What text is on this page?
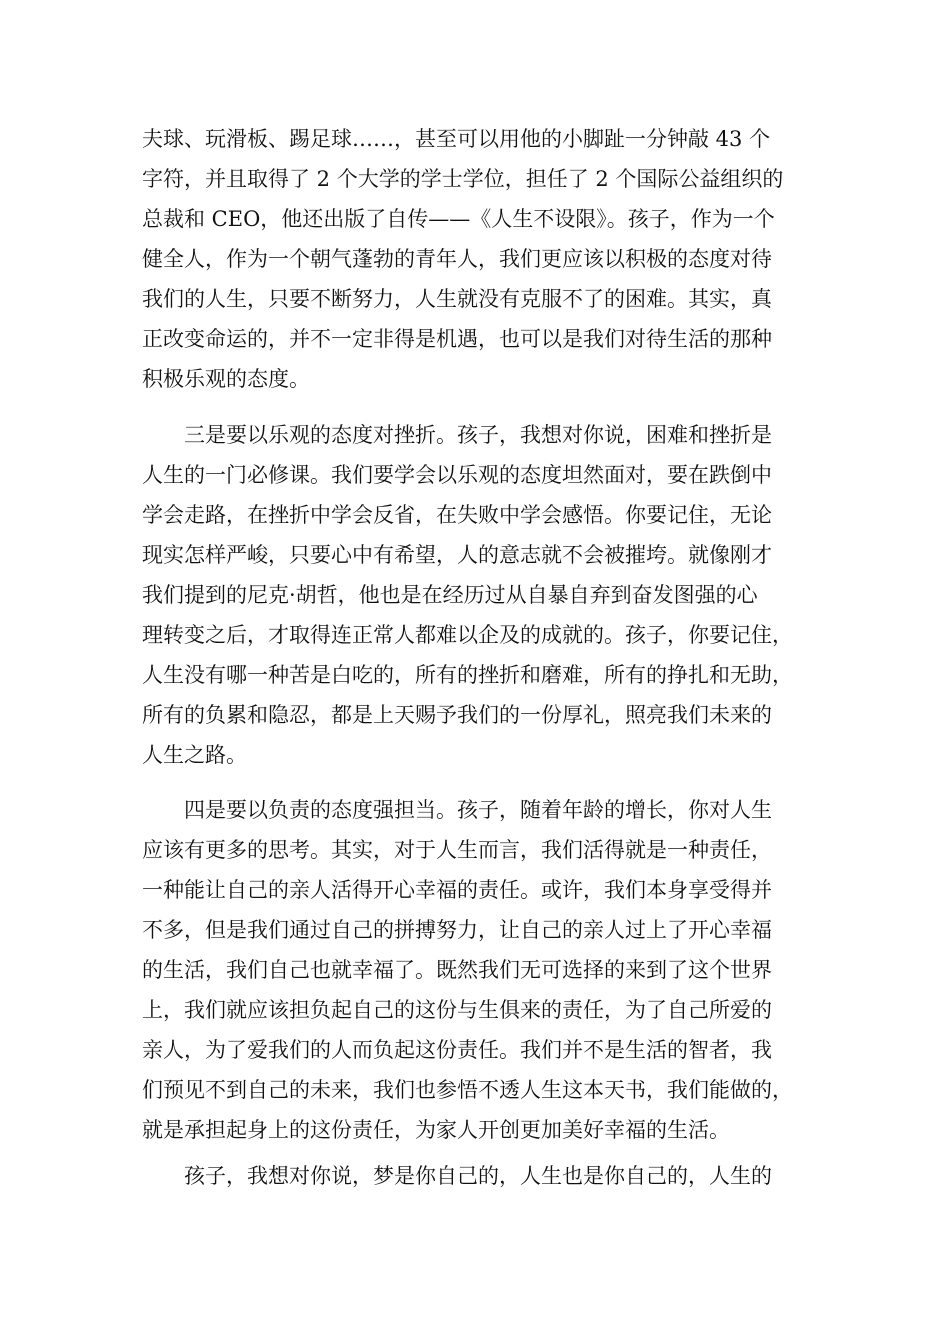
夫球、玩滑板、踢足球……，甚至可以用他的小脚趾一分钟敲 43 个
字符，并且取得了 2 个大学的学士学位，担任了 2 个国际公益组织的
总裁和 CEO，他还出版了自传——《人生不设限》。孩子，作为一个
健全人，作为一个朝气蓬勃的青年人，我们更应该以积极的态度对待
我们的人生，只要不断努力，人生就没有克服不了的困难。其实，真
正改变命运的，并不一定非得是机遇，也可以是我们对待生活的那种
积极乐观的态度。
三是要以乐观的态度对挫折。孩子，我想对你说，困难和挫折是
人生的一门必修课。我们要学会以乐观的态度坦然面对，要在跌倒中
学会走路，在挫折中学会反省，在失败中学会感悟。你要记住，无论
现实怎样严峻，只要心中有希望，人的意志就不会被摧垮。就像刚才
我们提到的尼克·胡哲，他也是在经历过从自暴自弃到奋发图强的心
理转变之后，才取得连正常人都难以企及的成就的。孩子，你要记住，
人生没有哪一种苦是白吃的，所有的挫折和磨难，所有的挣扎和无助，
所有的负累和隐忍，都是上天赐予我们的一份厚礼，照亮我们未来的
人生之路。
四是要以负责的态度强担当。孩子，随着年龄的增长，你对人生
应该有更多的思考。其实，对于人生而言，我们活得就是一种责任，
一种能让自己的亲人活得开心幸福的责任。或许，我们本身享受得并
不多，但是我们通过自己的拼搏努力，让自己的亲人过上了开心幸福
的生活，我们自己也就幸福了。既然我们无可选择的来到了这个世界
上，我们就应该担负起自己的这份与生俱来的责任，为了自己所爱的
亲人，为了爱我们的人而负起这份责任。我们并不是生活的智者，我
们预见不到自己的未来，我们也参悟不透人生这本天书，我们能做的，
就是承担起身上的这份责任，为家人开创更加美好幸福的生活。
孩子，我想对你说，梦是你自己的，人生也是你自己的，人生的
